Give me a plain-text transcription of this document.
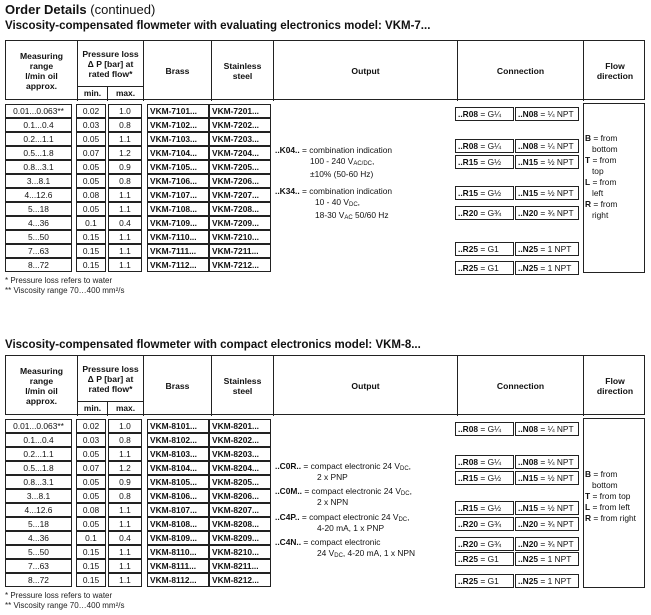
Order Details (continued)
Viscosity-compensated flowmeter with evaluating electronics model: VKM-7...
Measuring
range
l/min oil
approx.
Brass	Stainless
steel	Output	Connection	Flow
direction
Pressure loss
Δ P [bar] at
rated flow*
min.	max.
0.01...0.063**	0.02	1.0	VKM-7101...	VKM-7201...
0.1...0.4	0.03	0.8	VKM-7102...	VKM-7202...
0.2...1.1	0.05	1.1	VKM-7103...	VKM-7203...
0.5...1.8	0.07	1.2	VKM-7104...	VKM-7204...
0.8...3.1	0.05	0.9	VKM-7105...	VKM-7205...
3...8.1	0.05	0.8	VKM-7106...	VKM-7206...
4...12.6	0.08	1.1	VKM-7107...	VKM-7207...
5...18	0.05	1.1	VKM-7108...	VKM-7208...
4...36	0.1	0.4	VKM-7109...	VKM-7209...
5...50	0.15	1.1	VKM-7110...	VKM-7210...
7...63	0.15	1.1	VKM-7111...	VKM-7211...
8...72	0.15	1.1	VKM-7112...	VKM-7212...
..K04.. = combination indication
100 - 240 $V_{AC/DC}$,
±10% (50-60 Hz)
..K34.. = combination indication
10 - 40 $V_{DC}$,
18-30 $V_{AC}$ 50/60 Hz
..R08 = G¼	..N08 = ¼ NPT
..R08 = G¼	..N08 = ¼ NPT
..R15 = G½	..N15 = ½ NPT
..R15 = G½	..N15 = ½ NPT
..R20 = G¾	..N20 = ¾ NPT
..R25 = G1	..N25 = 1 NPT
..R25 = G1	..N25 = 1 NPT
B = from
bottom
T = from
top
L = from
left
R = from
right
* Pressure loss refers to water
** Viscosity range 70…400 mm²/s
Viscosity-compensated flowmeter with compact electronics model: VKM-8...
Measuring
range
l/min oil
approx.
Brass	Stainless
steel	Output	Connection	Flow
direction
Pressure loss
Δ P [bar] at
rated flow*
min.	max.
0.01...0.063**	0.02	1.0	VKM-8101...	VKM-8201...
0.1...0.4	0.03	0.8	VKM-8102...	VKM-8202...
0.2...1.1	0.05	1.1	VKM-8103...	VKM-8203...
0.5...1.8	0.07	1.2	VKM-8104...	VKM-8204...
0.8...3.1	0.05	0.9	VKM-8105...	VKM-8205...
3...8.1	0.05	0.8	VKM-8106...	VKM-8206...
4...12.6	0.08	1.1	VKM-8107...	VKM-8207...
5...18	0.05	1.1	VKM-8108...	VKM-8208...
4...36	0.1	0.4	VKM-8109...	VKM-8209...
5...50	0.15	1.1	VKM-8110...	VKM-8210...
7...63	0.15	1.1	VKM-8111...	VKM-8211...
8...72	0.15	1.1	VKM-8112...	VKM-8212...
..C0R.. = compact electronic 24 $V_{DC}$,
2 x PNP
..C0M.. = compact electronic 24 $V_{DC}$,
2 x NPN
..C4P.. = compact electronic 24 $V_{DC}$,
4-20 mA, 1 x PNP
..C4N.. = compact electronic
24 $V_{DC}$, 4-20 mA, 1 x NPN
..R08 = G¼	..N08 = ¼ NPT
..R08 = G¼	..N08 = ¼ NPT
..R15 = G½	..N15 = ½ NPT
..R15 = G½	..N15 = ½ NPT
..R20 = G¾	..N20 = ¾ NPT
..R20 = G¾	..N20 = ¾ NPT
..R25 = G1	..N25 = 1 NPT
..R25 = G1	..N25 = 1 NPT
B = from
bottom
T = from top
L = from left
R = from right
* Pressure loss refers to water
** Viscosity range 70…400 mm²/s
